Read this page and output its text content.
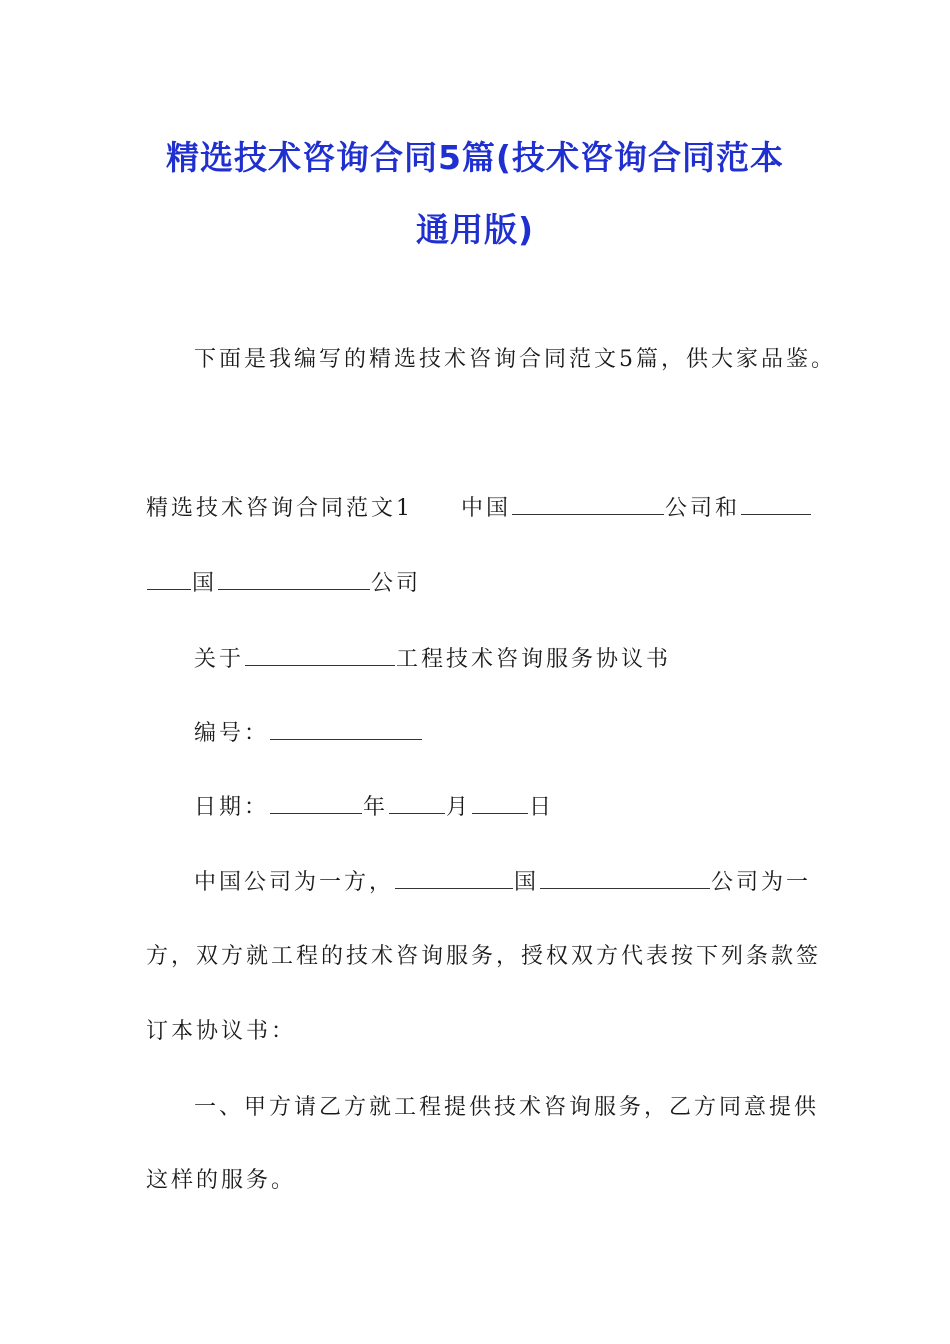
精选技术咨询合同5篇(技术咨询合同范本
通用版)
下面是我编写的精选技术咨询合同范文5篇，供大家品鉴。
精选技术咨询合同范文1 中国	公司和
国	公司
关于	工程技术咨询服务协议书
编号：
日期：	年	月	日
中国公司为一方，	国	公司为一
方，双方就工程的技术咨询服务，授权双方代表按下列条款签
订本协议书：
一、甲方请乙方就工程提供技术咨询服务，乙方同意提供
这样的服务。
